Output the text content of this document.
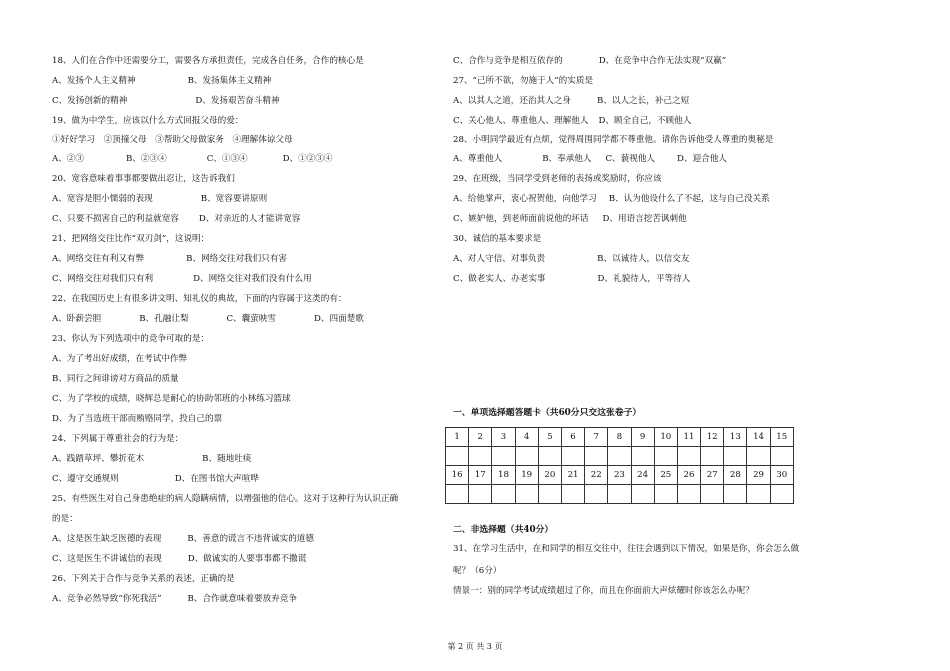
18、人们在合作中还需要分工，需要各方承担责任，完成各自任务，合作的核心是
A、发扬个人主义精神	B、发扬集体主义精神
C、发扬创新的精神	D、发扬艰苦奋斗精神
19、做为中学生，应该以什么方式回报父母的爱：
①好好学习　②顶撞父母　③帮助父母做家务　④理解体谅父母
A、②③	B、②③④	C、①③④	D、①②③④
20、宽容意味着事事都要做出忍让，这告诉我们
A、宽容是胆小懦弱的表现	B、宽容要讲原则
C、只要不损害自己的利益就宽容 D、对亲近的人才能讲宽容
21、把网络交往比作“双刃剑”，这说明：
A、网络交往有利又有弊	B、网络交往对我们只有害
C、网络交往对我们只有利	D、网络交往对我们没有什么用
22、在我国历史上有很多讲文明、知礼仪的典故，下面的内容属于这类的有：
A、卧薪尝胆	B、孔融让梨	C、囊萤映雪	D、四面楚歌
23、你认为下列选项中的竞争可取的是：
A、为了考出好成绩，在考试中作弊
B、同行之间诽谤对方商品的质量
C、为了学校的成绩，晓辉总是耐心的协助邻班的小林练习篮球
D、为了当选班干部而贿赂同学，投自己的票
24、下列属于尊重社会的行为是：
A、践踏草坪、攀折花木	B、随地吐痰
C、遵守交通规则	D、在图书馆大声喧哗
25、有些医生对自己身患绝症的病人隐瞒病情，以增强他的信心。这对于这种行为认识正确
的是：
A、这是医生缺乏医德的表现	B、善意的谎言不违背诚实的道德
C、这是医生不讲诚信的表现	D、做诚实的人要事事都不撒谎
26、下列关于合作与竞争关系的表述，正确的是
A、竞争必然导致“你死我活”	B、合作就意味着要放弃竞争
C、合作与竞争是相互依存的	D、在竞争中合作无法实现“双赢”
27、“己所不欲，勿施于人”的实质是
A、以其人之道，还治其人之身	B、以人之长，补己之短
C、关心他人、尊重他人、理解他人 D、顾全自己，不顾他人
28、小明同学最近有点烦，觉得周围同学都不尊重他。请你告诉他受人尊重的奥秘是
A、尊重他人	B、奉承他人 C、藐视他人	D、迎合他人
29、在班级，当同学受到老师的表扬或奖励时，你应该
A、给他掌声，衷心祝贺他，向他学习 B、认为他设什么了不起，这与自己没关系
C、嫉妒他，到老师面前说他的坏话 D、用语言挖苦讽刺他
30、诚信的基本要求是
A、对人守信、对事负责	B、以诚待人，以信交友
C、做老实人、办老实事	D、礼貌待人，平等待人
一、单项选择题答题卡（共60分只交这张卷子）
二、非选择题（共40分）
31、在学习生活中，在和同学的相互交往中，往往会遇到以下情况，如果是你，你会怎么做
呢？（6分）
情景一：别的同学考试成绩超过了你，而且在你面前大声炫耀时你该怎么办呢？
1	2	3	4	5	6	7	8	9	10	11	12	13	14	15

16	17	18	19	20	21	22	23	24	25	26	27	28	29	30

第 2 页 共 3 页
